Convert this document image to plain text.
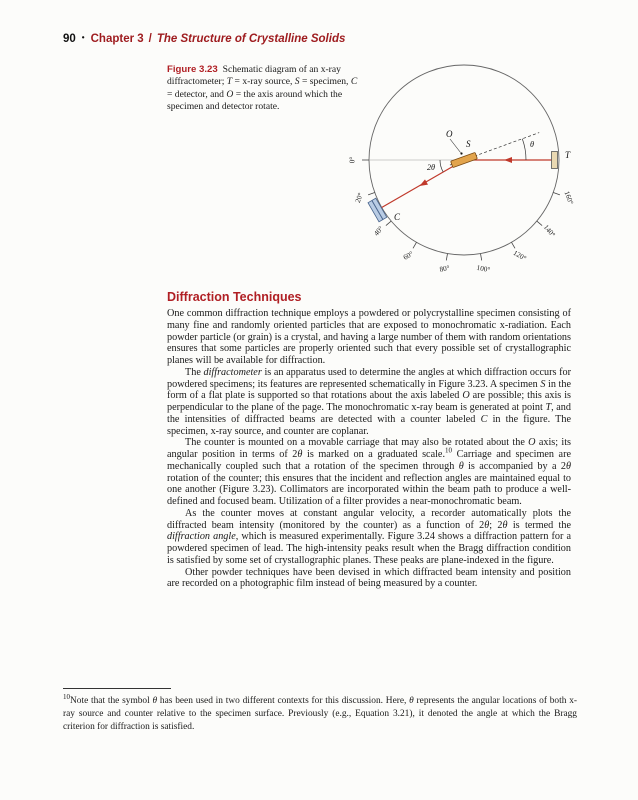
90 • Chapter 3 / The Structure of Crystalline Solids
Figure 3.23 Schematic diagram of an x-ray diffractometer; T = x-ray source, S = specimen, C = detector, and O = the axis around which the specimen and detector rotate.
0°
20°
40°
60°
80°	100°
120°
140°
160°
2θ
θ
O
S
T
C
Diffraction Techniques

One common diffraction technique employs a powdered or polycrystalline specimen consisting of many fine and randomly oriented particles that are exposed to monochromatic x-radiation. Each powder particle (or grain) is a crystal, and having a large number of them with random orientations ensures that some particles are properly oriented such that every possible set of crystallographic planes will be available for diffraction.

The diffractometer is an apparatus used to determine the angles at which diffraction occurs for powdered specimens; its features are represented schematically in Figure 3.23. A specimen S in the form of a flat plate is supported so that rotations about the axis labeled O are possible; this axis is perpendicular to the plane of the page. The monochromatic x-ray beam is generated at point T, and the intensities of diffracted beams are detected with a counter labeled C in the figure. The specimen, x-ray source, and counter are coplanar.

The counter is mounted on a movable carriage that may also be rotated about the O axis; its angular position in terms of 2θ is marked on a graduated scale.$^{10}$ Carriage and specimen are mechanically coupled such that a rotation of the specimen through θ is accompanied by a 2θ rotation of the counter; this ensures that the incident and reflection angles are maintained equal to one another (Figure 3.23). Collimators are incorporated within the beam path to produce a well-defined and focused beam. Utilization of a filter provides a near-monochromatic beam.

As the counter moves at constant angular velocity, a recorder automatically plots the diffracted beam intensity (monitored by the counter) as a function of 2θ; 2θ is termed the diffraction angle, which is measured experimentally. Figure 3.24 shows a diffraction pattern for a powdered specimen of lead. The high-intensity peaks result when the Bragg diffraction condition is satisfied by some set of crystallographic planes. These peaks are plane-indexed in the figure.

Other powder techniques have been devised in which diffracted beam intensity and position are recorded on a photographic film instead of being measured by a counter.

$^{10}$Note that the symbol θ has been used in two different contexts for this discussion. Here, θ represents the angular locations of both x-ray source and counter relative to the specimen surface. Previously (e.g., Equation 3.21), it denoted the angle at which the Bragg criterion for diffraction is satisfied.
